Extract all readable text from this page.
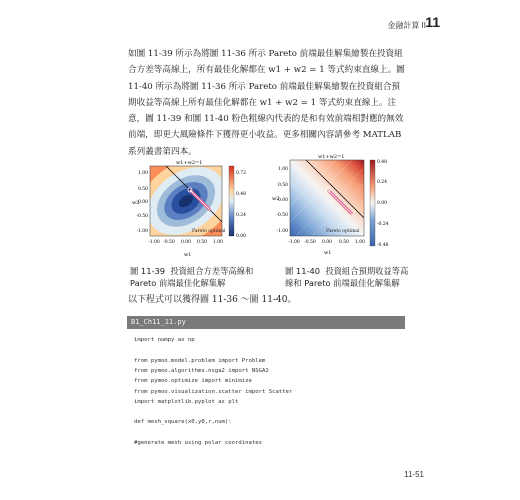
金融計算 II 11
如圖 11-39 所示為將圖 11-36 所示 Pareto 前端最佳解集繪製在投資組合方差等高線上，所有最佳化解都在 w1 + w2 = 1 等式約束直線上。圖 11-40 所示為將圖 11-36 所示 Pareto 前端最佳解集繪製在投資組合預期收益等高線上所有最佳化解都在 w1 + w2 = 1 等式約束直線上。注意，圖 11-39 和圖 11-40 粉色粗線內代表的是和有效前端相對應的無效前端，即更大風險條件下獲得更小收益。更多相關內容請參考 MATLAB 系列叢書第四本。
w1+w2=1
Pareto optimal
w2
w1
1.00
0.50
0.00
-0.50
-1.00
-1.00 -0.50 0.00 0.50 1.00
0.72
0.48
0.24
0.00
圖 11-39 投資組合方差等高線和 Pareto 前端最佳化解集解
w1+w2=1
Pareto optimal
w2
w1
1.00
0.50
0.00
-0.50
-1.00
-1.00 -0.50 0.00 0.50 1.00
0.48
0.24
0.00
-0.24
-0.48
圖 11-40 投資組合預期收益等高線和 Pareto 前端最佳化解集解
以下程式可以獲得圖 11-36 ～圖 11-40。
B1_Ch11_11.py
import numpy as np
from pymoo.model.problem import Problem
from pymoo.algorithms.nsga2 import NSGA2
from pymoo.optimize import minimize
from pymoo.visualization.scatter import Scatter
import matplotlib.pyplot as plt
def mesh_square(x0,y0,r,num):
#generate mesh using polar coordinates
11-51
